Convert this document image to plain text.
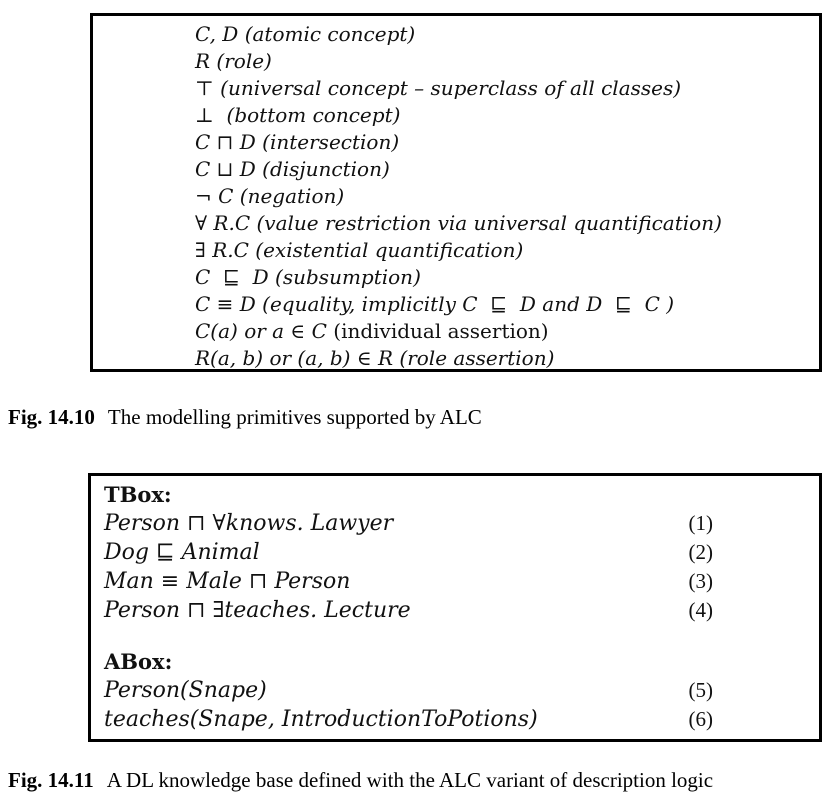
C, D (atomic concept)
R (role)
⊤ (universal concept – superclass of all classes)
⊥  (bottom concept)
C ⊓ D (intersection)
C ⊔ D (disjunction)
¬ C (negation)
∀ R.C (value restriction via universal quantification)
∃ R.C (existential quantification)
C  ⊑  D (subsumption)
C ≡ D (equality, implicitly C  ⊑  D and D  ⊑  C )
C(a) or a ∈ C (individual assertion)
R(a, b) or (a, b) ∈ R (role assertion)
Fig. 14.10 The modelling primitives supported by ALC
TBox:
Person ⊓ ∀knows. Lawyer	(1)
Dog ⊑ Animal	(2)
Man ≡ Male ⊓ Person	(3)
Person ⊓ ∃teaches. Lecture	(4)
ABox:
Person(Snape)	(5)
teaches(Snape, IntroductionToPotions)	(6)
Fig. 14.11 A DL knowledge base defined with the ALC variant of description logic
